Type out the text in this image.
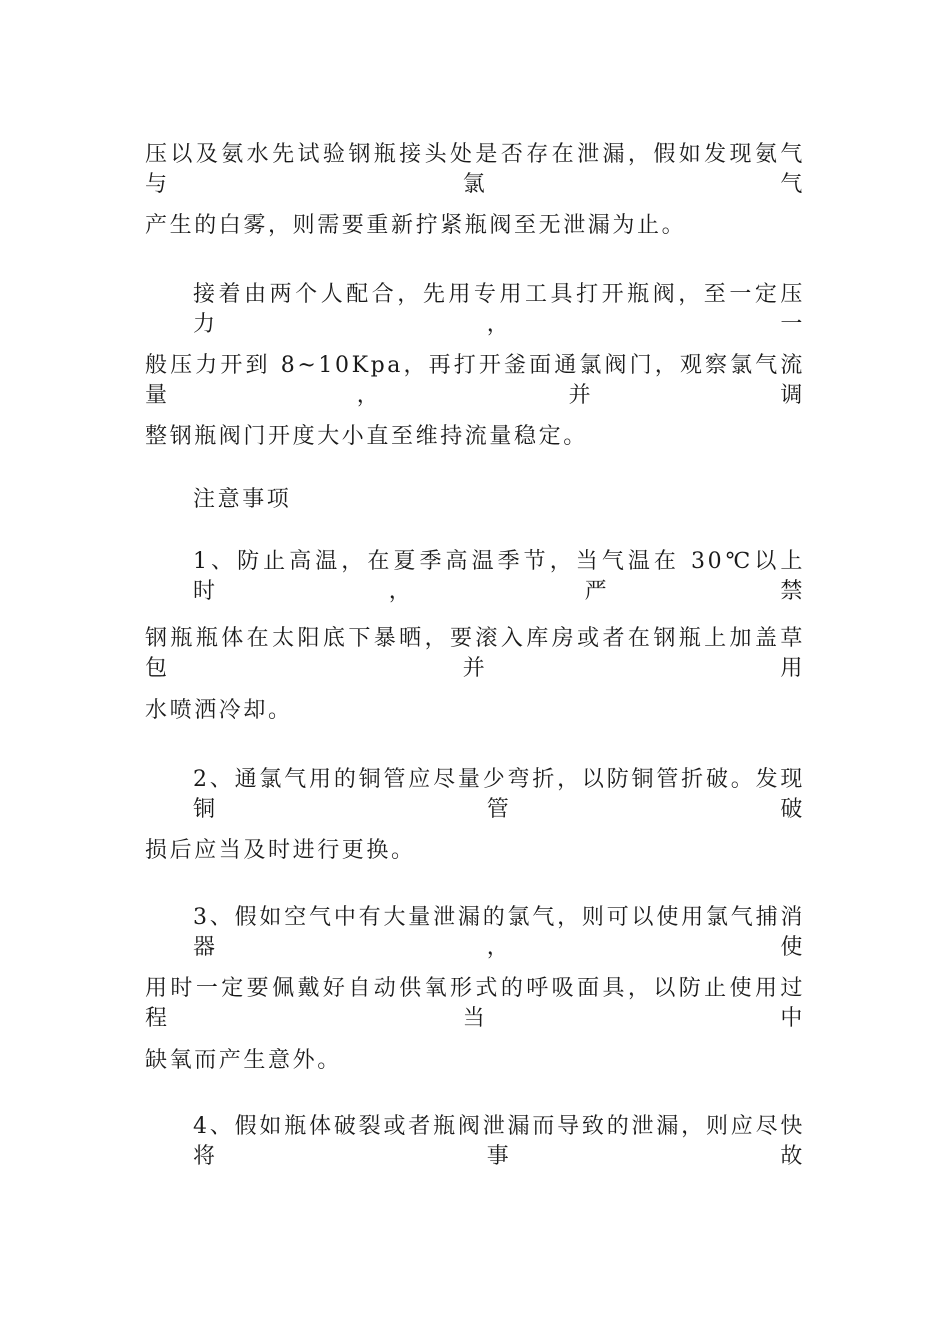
压以及氨水先试验钢瓶接头处是否存在泄漏，假如发现氨气与氯气
产生的白雾，则需要重新拧紧瓶阀至无泄漏为止。
接着由两个人配合，先用专用工具打开瓶阀，至一定压力，一
般压力开到 8~10Kpa，再打开釜面通氯阀门，观察氯气流量，并调
整钢瓶阀门开度大小直至维持流量稳定。
注意事项
1、防止高温，在夏季高温季节，当气温在 30℃以上时，严禁
钢瓶瓶体在太阳底下暴晒，要滚入库房或者在钢瓶上加盖草包并用
水喷洒冷却。
2、通氯气用的铜管应尽量少弯折，以防铜管折破。发现铜管破
损后应当及时进行更换。
3、假如空气中有大量泄漏的氯气，则可以使用氯气捕消器，使
用时一定要佩戴好自动供氧形式的呼吸面具，以防止使用过程当中
缺氧而产生意外。
4、假如瓶体破裂或者瓶阀泄漏而导致的泄漏，则应尽快将事故
